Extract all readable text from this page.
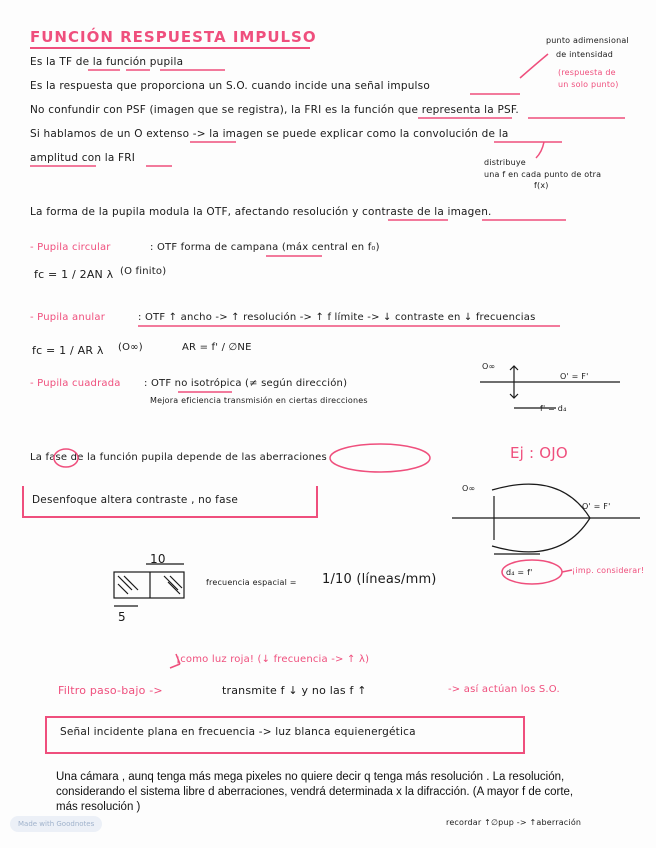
FUNCIÓN RESPUESTA IMPULSO
Es la TF de la función pupila
Es la respuesta que proporciona un S.O. cuando incide una señal impulso
No confundir con PSF (imagen que se registra), la FRI es la función que representa la PSF.
Si hablamos de un O extenso -> la imagen se puede explicar como la convolución de la
amplitud con la FRI
punto adimensional
de intensidad
(respuesta de
un solo punto)
distribuye
una f en cada punto de otra
f(x)
La forma de la pupila modula la OTF, afectando resolución y contraste de la imagen.
- Pupila circular	: OTF forma de campana (máx central en f₀)
fc = 1 / 2AN λ (O finito)
- Pupila anular	: OTF ↑ ancho -> ↑ resolución -> ↑ f límite -> ↓ contraste en ↓ frecuencias
fc = 1 / AR λ (O∞)	AR = f' / ∅NE
- Pupila cuadrada : OTF no isotrópica (≠ según dirección)
Mejora eficiencia transmisión en ciertas direcciones
La fase de la función pupila depende de las aberraciones	Ej : OJO
Desenfoque altera contraste , no fase
10
5
frecuencia espacial = 1/10 (líneas/mm)
O∞
O' = F'
f' = d₄
O∞
O' = F'
d₄ = f'	¡imp. considerar!
¡como luz roja! (↓ frecuencia -> ↑ λ)
Filtro paso-bajo ->	transmite f ↓ y no las f ↑	-> así actúan los S.O.
Señal incidente plana en frecuencia -> luz blanca equienergética
Una cámara , aunq tenga más mega pixeles no quiere decir q tenga más resolución . La resolución, considerando el sistema libre d aberraciones, vendrá determinada x la difracción. (A mayor f de corte, más resolución )
recordar ↑∅pup -> ↑aberración
Made with Goodnotes
